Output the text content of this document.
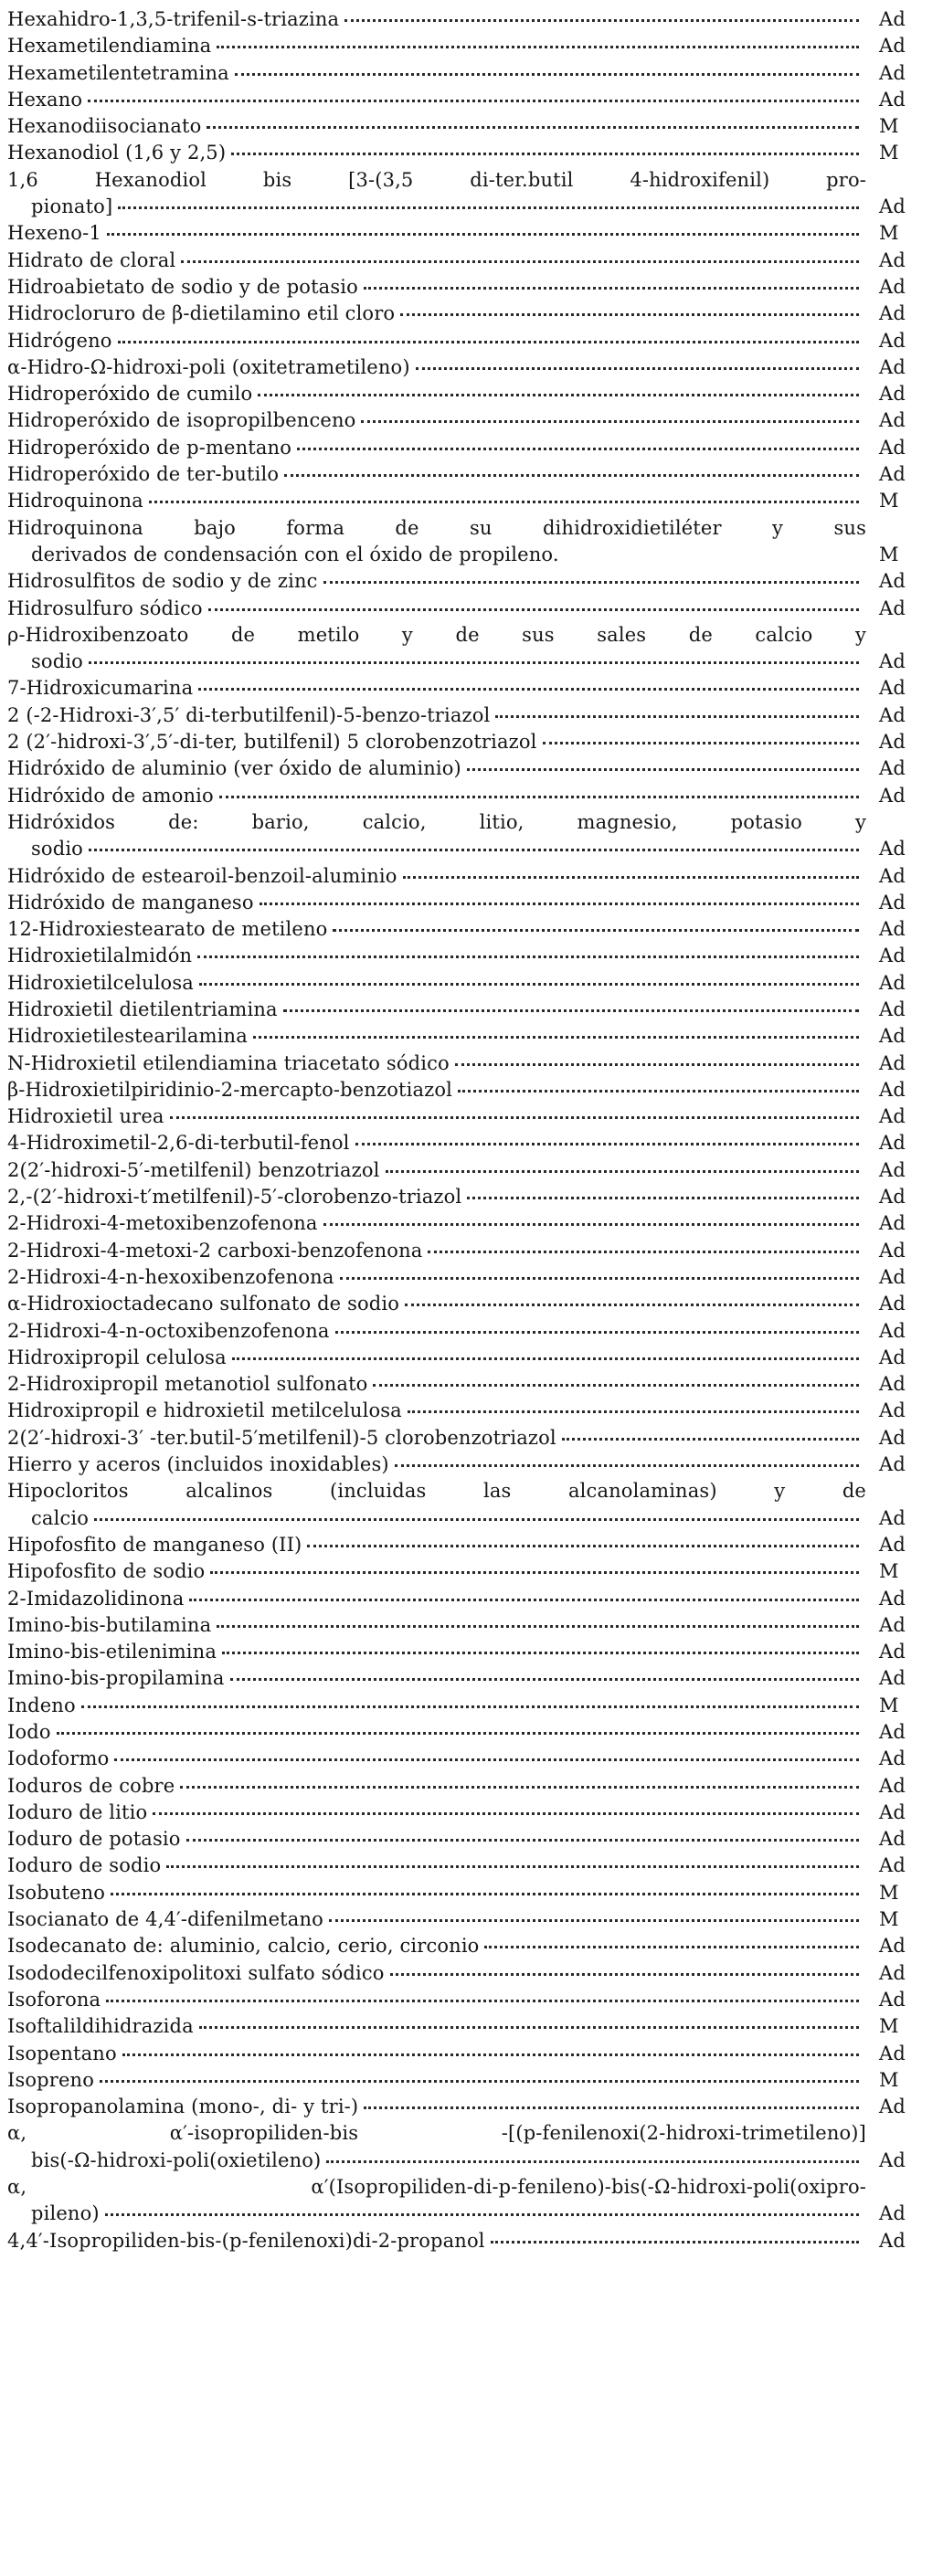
Hexahidro-1,3,5-trifenil-s-triazina	Ad
Hexametilendiamina	Ad
Hexametilentetramina	Ad
Hexano	Ad
Hexanodiisocianato	M
Hexanodiol (1,6 y 2,5)	M
1,6 Hexanodiol bis [3-(3,5 di-ter.butil 4-hidroxifenil) pro-
pionato]	Ad
Hexeno-1	M
Hidrato de cloral	Ad
Hidroabietato de sodio y de potasio	Ad
Hidrocloruro de β-dietilamino etil cloro	Ad
Hidrógeno	Ad
α-Hidro-Ω-hidroxi-poli (oxitetrametileno)	Ad
Hidroperóxido de cumilo	Ad
Hidroperóxido de isopropilbenceno	Ad
Hidroperóxido de p-mentano	Ad
Hidroperóxido de ter-butilo	Ad
Hidroquinona	M
Hidroquinona bajo forma de su dihidroxidietiléter y sus
derivados de condensación con el óxido de propileno.	M
Hidrosulfitos de sodio y de zinc	Ad
Hidrosulfuro sódico	Ad
ρ-Hidroxibenzoato de metilo y de sus sales de calcio y
sodio	Ad
7-Hidroxicumarina	Ad
2 (-2-Hidroxi-3′,5′ di-terbutilfenil)-5-benzo-triazol	Ad
2 (2′-hidroxi-3′,5′-di-ter, butilfenil) 5 clorobenzotriazol	Ad
Hidróxido de aluminio (ver óxido de aluminio)	Ad
Hidróxido de amonio	Ad
Hidróxidos de: bario, calcio, litio, magnesio, potasio y
sodio	Ad
Hidróxido de estearoil-benzoil-aluminio	Ad
Hidróxido de manganeso	Ad
12-Hidroxiestearato de metileno	Ad
Hidroxietilalmidón	Ad
Hidroxietilcelulosa	Ad
Hidroxietil dietilentriamina	Ad
Hidroxietilestearilamina	Ad
N-Hidroxietil etilendiamina triacetato sódico	Ad
β-Hidroxietilpiridinio-2-mercapto-benzotiazol	Ad
Hidroxietil urea	Ad
4-Hidroximetil-2,6-di-terbutil-fenol	Ad
2(2′-hidroxi-5′-metilfenil) benzotriazol	Ad
2,-(2′-hidroxi-t′metilfenil)-5′-clorobenzo-triazol	Ad
2-Hidroxi-4-metoxibenzofenona	Ad
2-Hidroxi-4-metoxi-2 carboxi-benzofenona	Ad
2-Hidroxi-4-n-hexoxibenzofenona	Ad
α-Hidroxioctadecano sulfonato de sodio	Ad
2-Hidroxi-4-n-octoxibenzofenona	Ad
Hidroxipropil celulosa	Ad
2-Hidroxipropil metanotiol sulfonato	Ad
Hidroxipropil e hidroxietil metilcelulosa	Ad
2(2′-hidroxi-3′ -ter.butil-5′metilfenil)-5 clorobenzotriazol	Ad
Hierro y aceros (incluidos inoxidables)	Ad
Hipocloritos alcalinos (incluidas las alcanolaminas) y de
calcio	Ad
Hipofosfito de manganeso (II)	Ad
Hipofosfito de sodio	M
2-Imidazolidinona	Ad
Imino-bis-butilamina	Ad
Imino-bis-etilenimina	Ad
Imino-bis-propilamina	Ad
Indeno	M
Iodo	Ad
Iodoformo	Ad
Ioduros de cobre	Ad
Ioduro de litio	Ad
Ioduro de potasio	Ad
Ioduro de sodio	Ad
Isobuteno	M
Isocianato de 4,4′-difenilmetano	M
Isodecanato de: aluminio, calcio, cerio, circonio	Ad
Isododecilfenoxipolitoxi sulfato sódico	Ad
Isoforona	Ad
Isoftalildihidrazida	M
Isopentano	Ad
Isopreno	M
Isopropanolamina (mono-, di- y tri-)	Ad
α, α′-isopropiliden-bis -[(p-fenilenoxi(2-hidroxi-trimetileno)]
bis(-Ω-hidroxi-poli(oxietileno)	Ad
α, α′(Isopropiliden-di-p-fenileno)-bis(-Ω-hidroxi-poli(oxipro-
pileno)	Ad
4,4′-Isopropiliden-bis-(p-fenilenoxi)di-2-propanol	Ad
